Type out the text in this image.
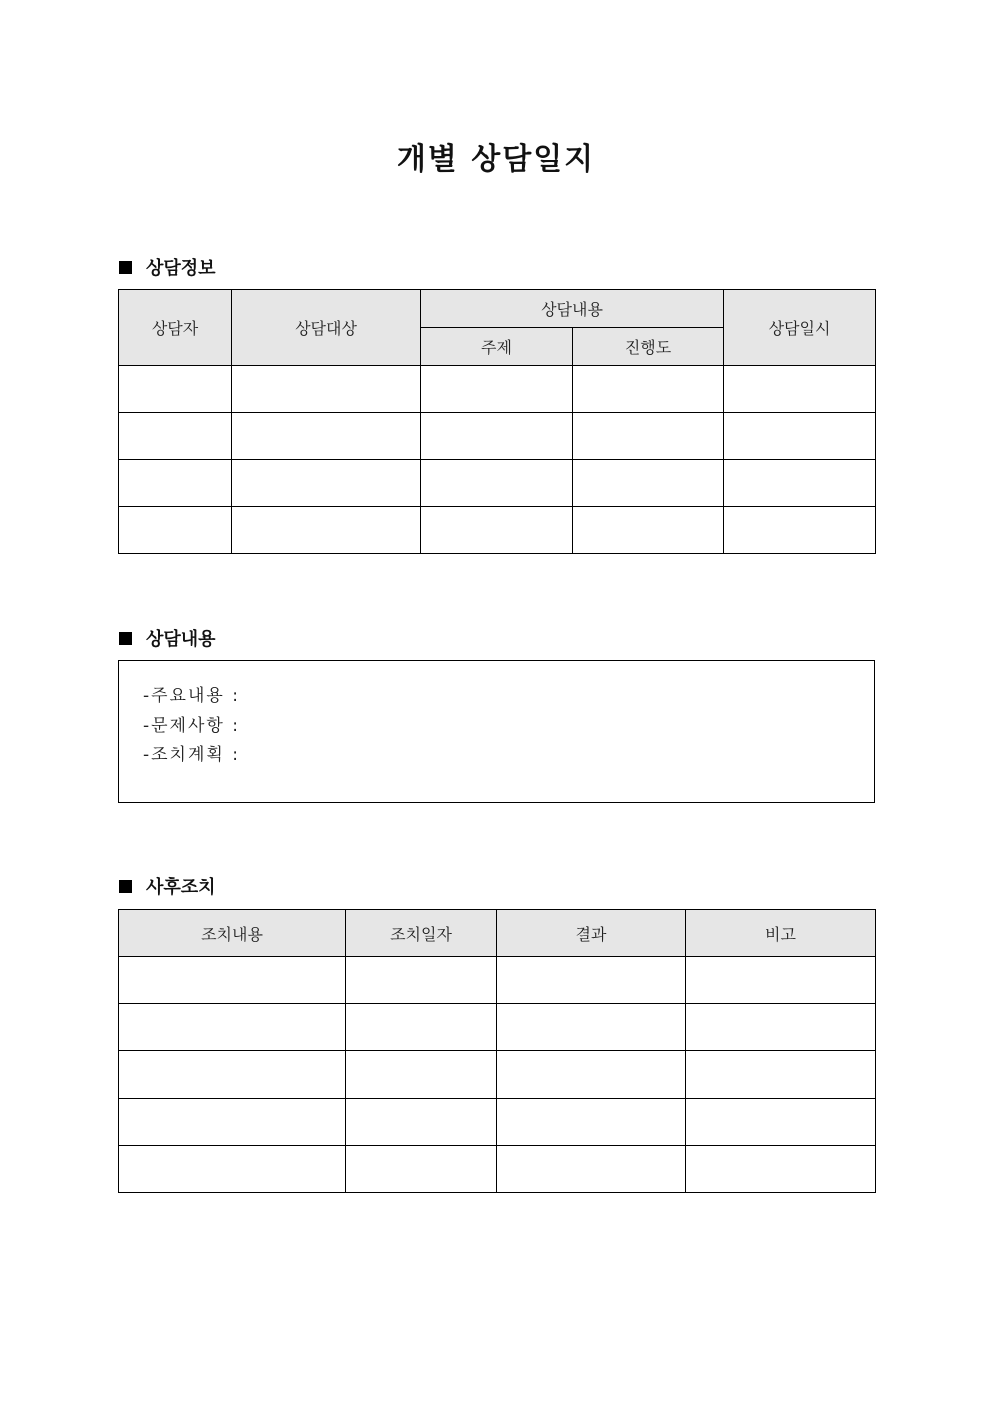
개별 상담일지
상담정보
상담자	상담대상	상담내용		상담일시
		주제	진행도	

상담내용
-주요내용 :
-문제사항 :
-조치계획 :
사후조치
조치내용	조치일자	결과	비고
